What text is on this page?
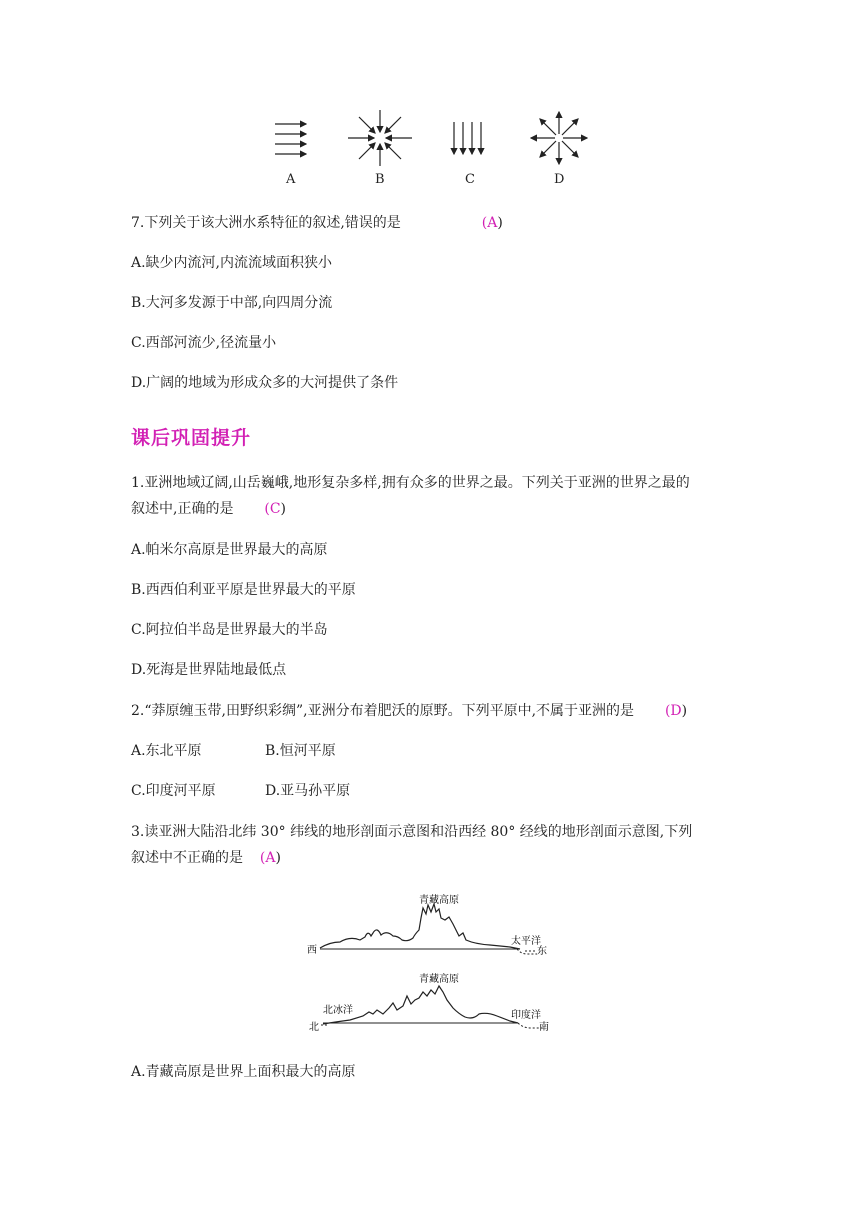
A	B	C	D
7.下列关于该大洲水系特征的叙述,错误的是	(A)
A.缺少内流河,内流流域面积狭小
B.大河多发源于中部,向四周分流
C.西部河流少,径流量小
D.广阔的地域为形成众多的大河提供了条件
课后巩固提升
1.亚洲地域辽阔,山岳巍峨,地形复杂多样,拥有众多的世界之最。下列关于亚洲的世界之最的
叙述中,正确的是 (C)
A.帕米尔高原是世界最大的高原
B.西西伯利亚平原是世界最大的平原
C.阿拉伯半岛是世界最大的半岛
D.死海是世界陆地最低点
2.“莽原缠玉带,田野织彩绸”,亚洲分布着肥沃的原野。下列平原中,不属于亚洲的是 (D)
A.东北平原	B.恒河平原
C.印度河平原	D.亚马孙平原
3.读亚洲大陆沿北纬 30° 纬线的地形剖面示意图和沿西经 80° 经线的地形剖面示意图,下列
叙述中不正确的是 (A)
青藏高原
西
太平洋
东
青藏高原
北冰洋
北
印度洋
南
A.青藏高原是世界上面积最大的高原
